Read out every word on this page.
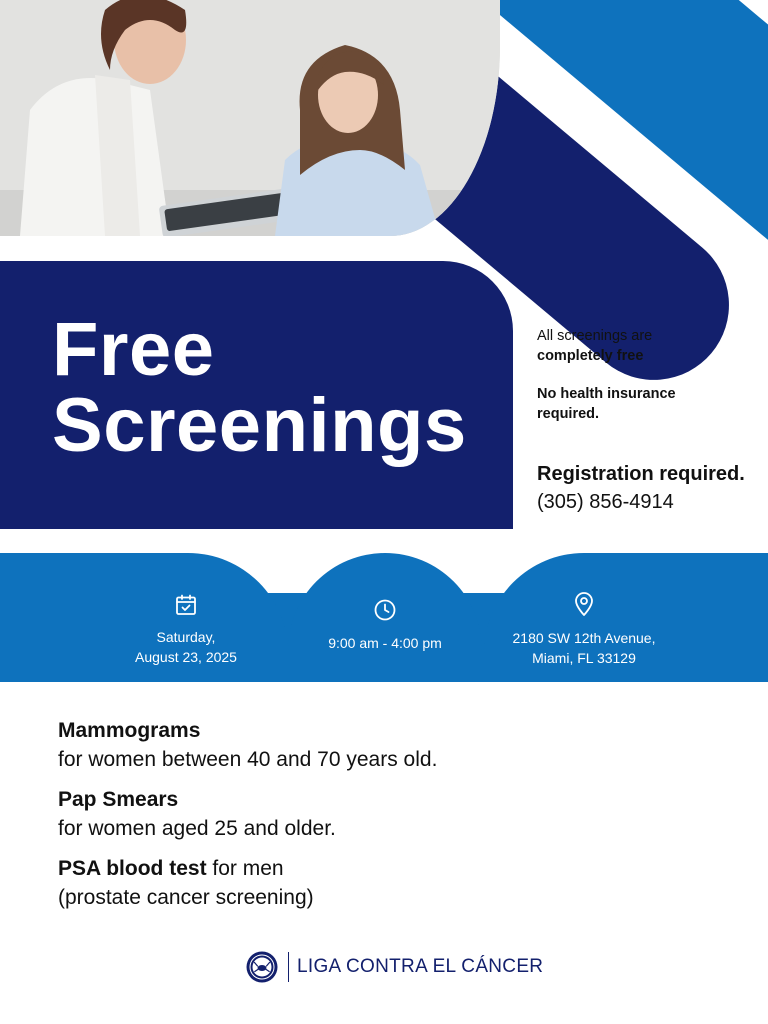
Free
Screenings

All screenings are

completely free

No health insurance

required.

Registration required.
(305) 856-4914
Saturday,
August 23, 2025
9:00 am - 4:00 pm	2180 SW 12th Avenue,
Miami, FL 33129
Mammograms
for women between 40 and 70 years old.
Pap Smears
for women aged 25 and older.
PSA blood test for men
(prostate cancer screening)
LIGA CONTRA EL CÁNCER
